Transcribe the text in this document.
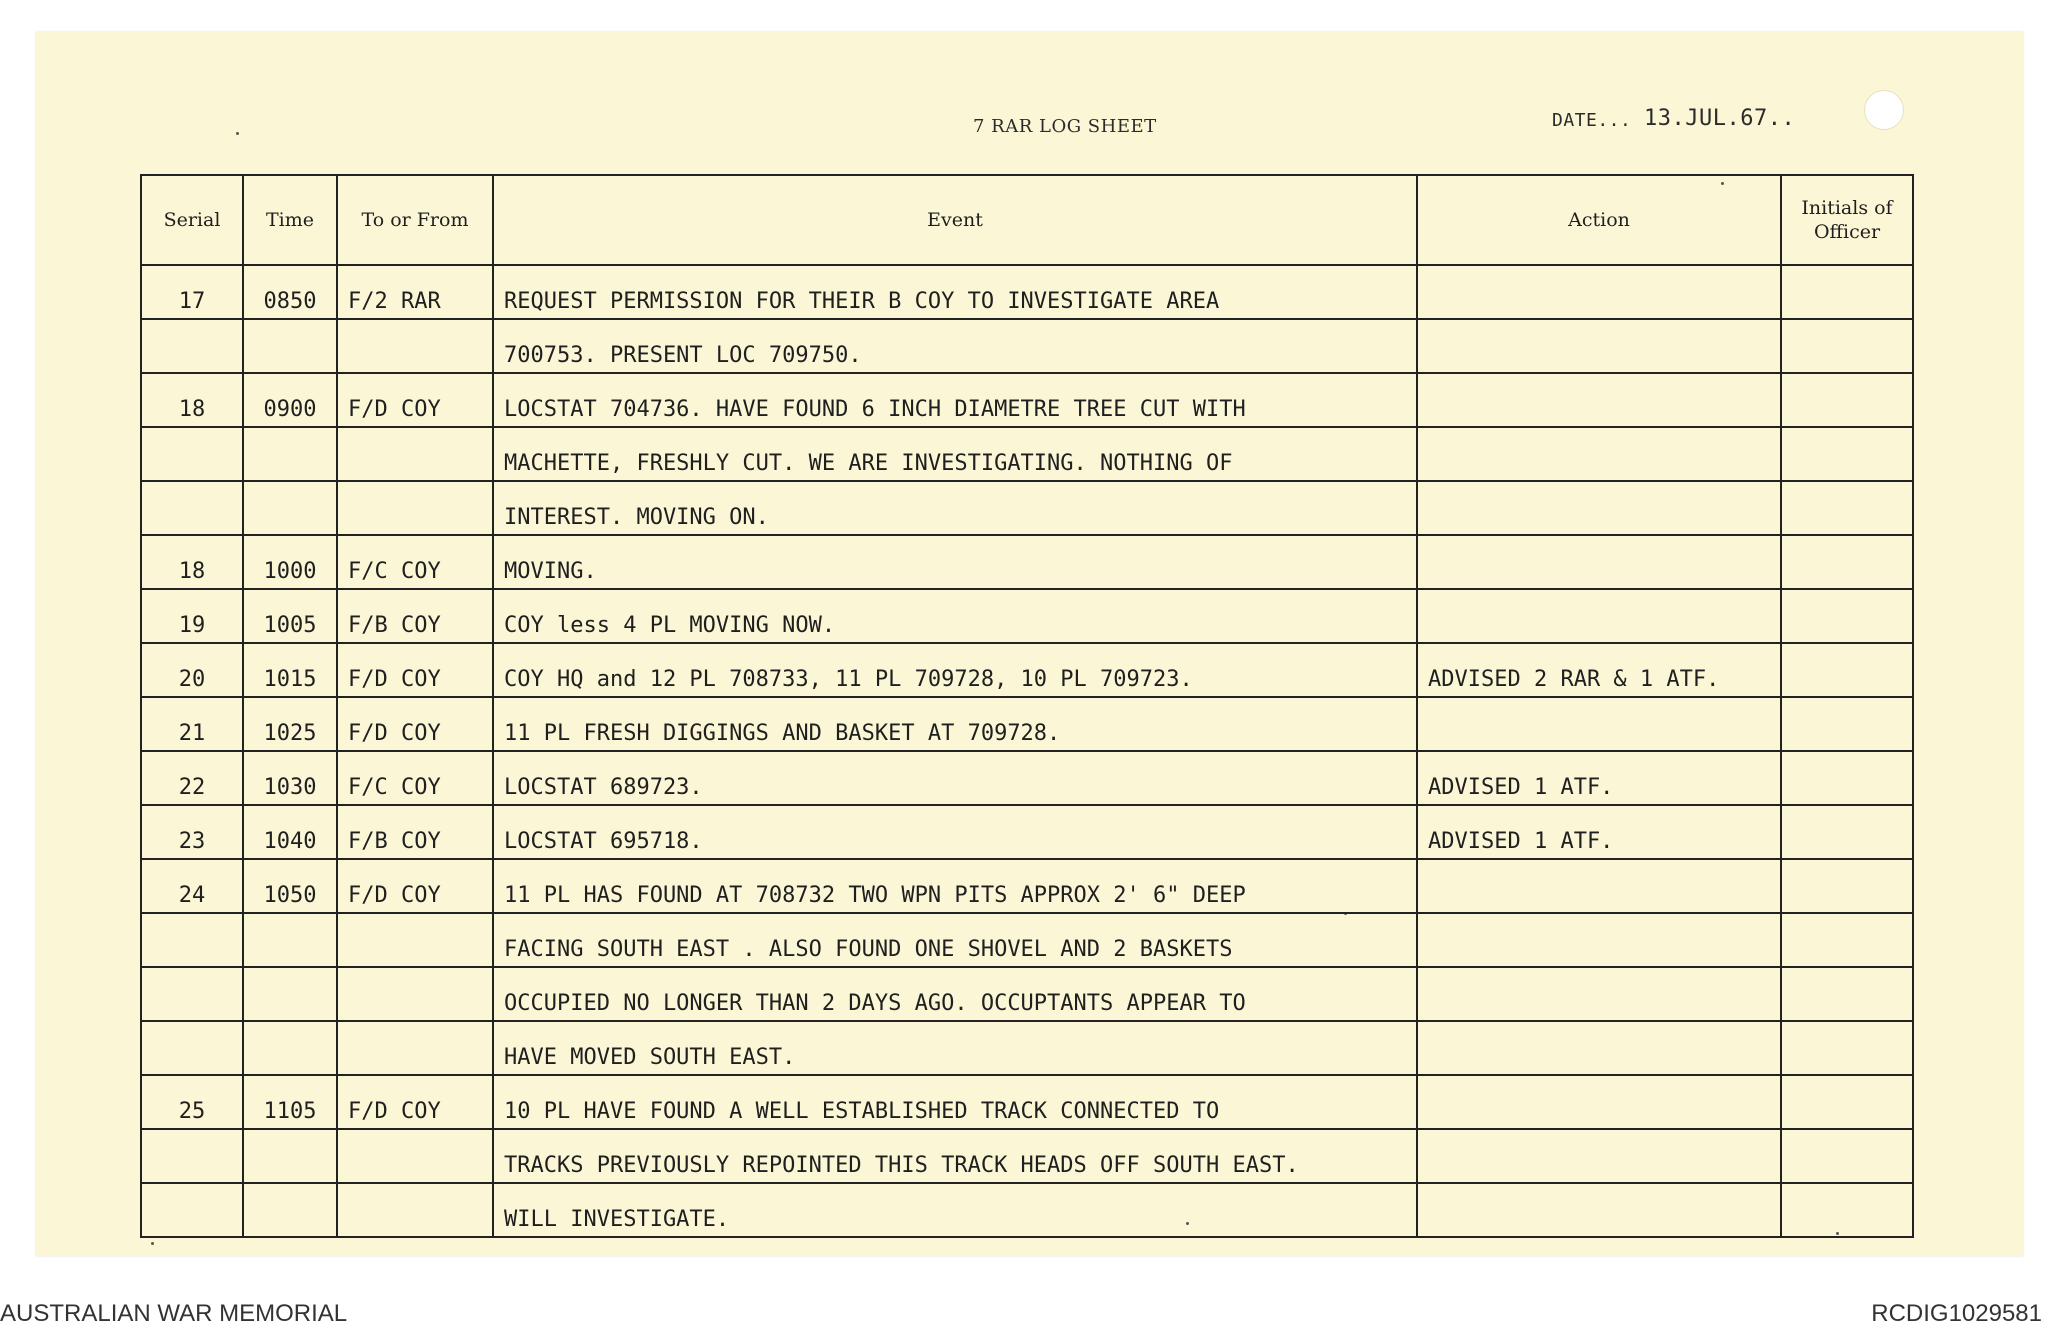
7 RAR LOG SHEET	DATE... 13.JUL.67..
Serial	Time	To or From	Event	Action	Initials of Officer
17	0850	F/2 RAR	REQUEST PERMISSION FOR THEIR B COY TO INVESTIGATE AREA		
			700753. PRESENT LOC 709750.		
18	0900	F/D COY	LOCSTAT 704736. HAVE FOUND 6 INCH DIAMETRE TREE CUT WITH		
			MACHETTE, FRESHLY CUT. WE ARE INVESTIGATING. NOTHING OF		
			INTEREST. MOVING ON.		
18	1000	F/C COY	MOVING.		
19	1005	F/B COY	COY less 4 PL MOVING NOW.		
20	1015	F/D COY	COY HQ and 12 PL 708733, 11 PL 709728, 10 PL 709723.	ADVISED 2 RAR & 1 ATF.	
21	1025	F/D COY	11 PL FRESH DIGGINGS AND BASKET AT 709728.		
22	1030	F/C COY	LOCSTAT 689723.	ADVISED 1 ATF.	
23	1040	F/B COY	LOCSTAT 695718.	ADVISED 1 ATF.	
24	1050	F/D COY	11 PL HAS FOUND AT 708732 TWO WPN PITS APPROX 2' 6" DEEP		
			FACING SOUTH EAST . ALSO FOUND ONE SHOVEL AND 2 BASKETS		
			OCCUPIED NO LONGER THAN 2 DAYS AGO. OCCUPTANTS APPEAR TO		
			HAVE MOVED SOUTH EAST.		
25	1105	F/D COY	10 PL HAVE FOUND A WELL ESTABLISHED TRACK CONNECTED TO		
			TRACKS PREVIOUSLY REPOINTED THIS TRACK HEADS OFF SOUTH EAST.		
			WILL INVESTIGATE.		
AUSTRALIAN WAR MEMORIAL	RCDIG1029581
